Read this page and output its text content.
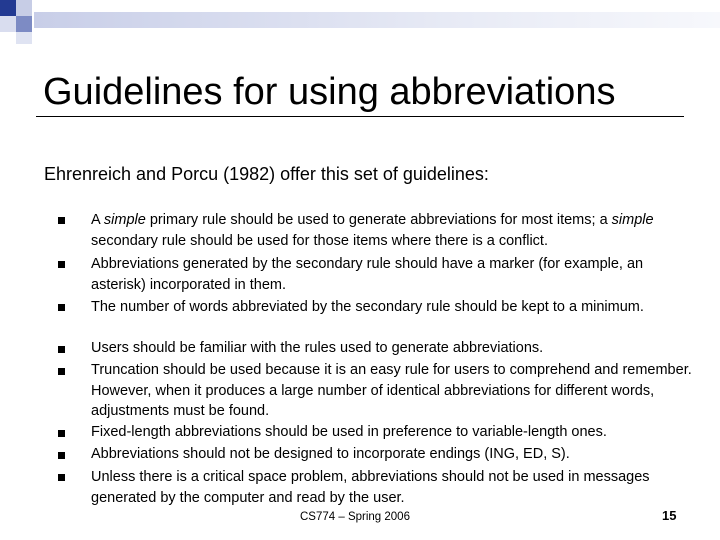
Guidelines for using abbreviations
Ehrenreich and Porcu (1982) offer this set of guidelines:
A simple primary rule should be used to generate abbreviations for most items; a simple secondary rule should be used for those items where there is a conflict.
Abbreviations generated by the secondary rule should have a marker (for example, an asterisk) incorporated in them.
The number of words abbreviated by the secondary rule should be kept to a minimum.
Users should be familiar with the rules used to generate abbreviations.
Truncation should be used because it is an easy rule for users to comprehend and remember. However, when it produces a large number of identical abbreviations for different words, adjustments must be found.
Fixed-length abbreviations should be used in preference to variable-length ones.
Abbreviations should not be designed to incorporate endings (ING, ED, S).
Unless there is a critical space problem, abbreviations should not be used in messages generated by the computer and read by the user.
CS774 – Spring 2006	15
